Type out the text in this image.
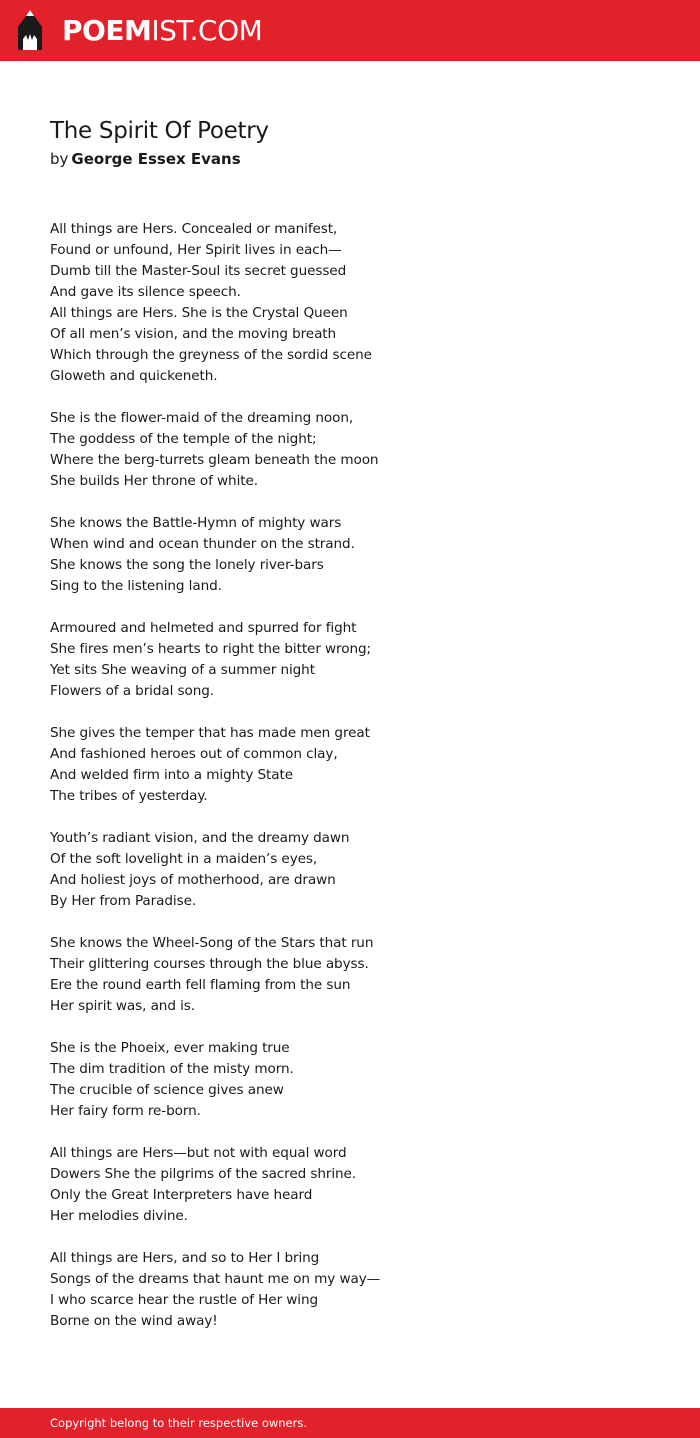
POEMIST.COM
The Spirit Of Poetry
by George Essex Evans
All things are Hers. Concealed or manifest,
Found or unfound, Her Spirit lives in each—
Dumb till the Master-Soul its secret guessed
And gave its silence speech.
All things are Hers. She is the Crystal Queen
Of all men’s vision, and the moving breath
Which through the greyness of the sordid scene
Gloweth and quickeneth.
She is the flower-maid of the dreaming noon,
The goddess of the temple of the night;
Where the berg-turrets gleam beneath the moon
She builds Her throne of white.
She knows the Battle-Hymn of mighty wars
When wind and ocean thunder on the strand.
She knows the song the lonely river-bars
Sing to the listening land.
Armoured and helmeted and spurred for fight
She fires men’s hearts to right the bitter wrong;
Yet sits She weaving of a summer night
Flowers of a bridal song.
She gives the temper that has made men great
And fashioned heroes out of common clay,
And welded firm into a mighty State
The tribes of yesterday.
Youth’s radiant vision, and the dreamy dawn
Of the soft lovelight in a maiden’s eyes,
And holiest joys of motherhood, are drawn
By Her from Paradise.
She knows the Wheel-Song of the Stars that run
Their glittering courses through the blue abyss.
Ere the round earth fell flaming from the sun
Her spirit was, and is.
She is the Phoeix, ever making true
The dim tradition of the misty morn.
The crucible of science gives anew
Her fairy form re-born.
All things are Hers—but not with equal word
Dowers She the pilgrims of the sacred shrine.
Only the Great Interpreters have heard
Her melodies divine.
All things are Hers, and so to Her I bring
Songs of the dreams that haunt me on my way—
I who scarce hear the rustle of Her wing
Borne on the wind away!
Copyright belong to their respective owners.
